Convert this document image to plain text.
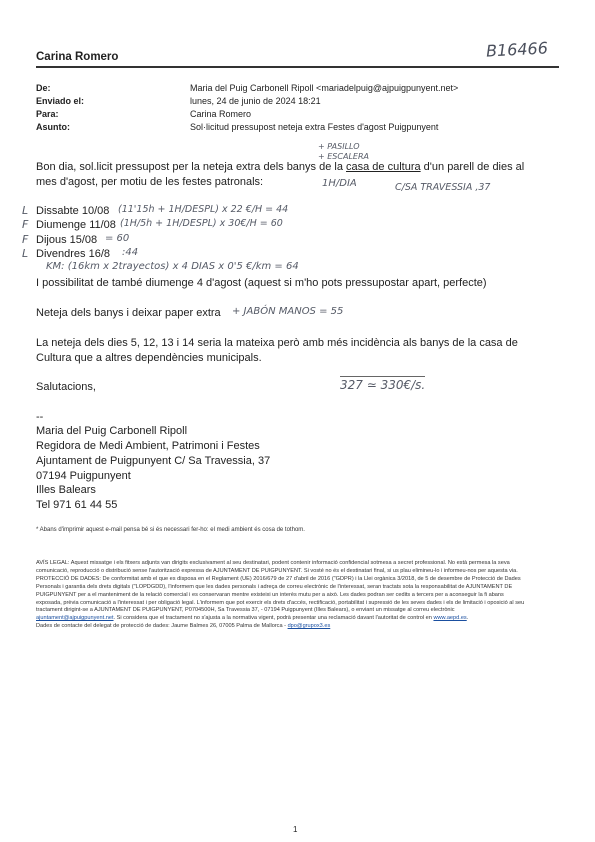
Carina Romero	B16466
De:	Maria del Puig Carbonell Ripoll <mariadelpuig@ajpuigpunyent.net>
Enviado el:	lunes, 24 de junio de 2024 18:21
Para:	Carina Romero
Asunto:	Sol·licitud pressupost neteja extra Festes d'agost Puigpunyent
+ PASILLO
+ ESCALERA
Bon dia, sol.licit pressupost per la neteja extra dels banys de la casa de cultura d'un parell de dies al
mes d'agost, per motiu de les festes patronals:	1H/DIA	C/SA TRAVESSIA ,37
L Dissabte 10/08 (11'15h + 1H/DESPL) x 22 €/H = 44
F Diumenge 11/08 (1H/5h + 1H/DESPL) x 30€/H = 60
F Dijous 15/08 = 60
L Divendres 16/8 :44
KM: (16km x 2trayectos) x 4 DIAS x 0'5 €/km = 64
I possibilitat de també diumenge 4 d'agost (aquest si m'ho pots pressupostar apart, perfecte)
Neteja dels banys i deixar paper extra + JABÓN MANOS = 55
La neteja dels dies 5, 12, 13 i 14 seria la mateixa però amb més incidència als banys de la casa de
Cultura que a altres dependències municipals.
Salutacions,	327 ≃ 330€/s.
--
Maria del Puig Carbonell Ripoll
Regidora de Medi Ambient, Patrimoni i Festes
Ajuntament de Puigpunyent C/ Sa Travessia, 37
07194 Puigpunyent
Illes Balears
Tel 971 61 44 55
* Abans d'imprimir aquest e-mail pensa bé si és necessari fer-ho: el medi ambient és cosa de tothom.
AVÍS LEGAL: Aquest missatge i els fitxers adjunts van dirigits exclusivament al seu destinatari, podent contenir informació confidencial sotmesa a secret professional. No està permesa la seva comunicació, reproducció o distribució sense l'autorització expressa de AJUNTAMENT DE PUIGPUNYENT. Si vosté no és el destinatari final, si us plau elimineu-lo i informeu-nos per aquesta via.
PROTECCIÓ DE DADES: De conformitat amb el que es disposa en el Reglament (UE) 2016/679 de 27 d'abril de 2016 ("GDPR) i la Llei orgànica 3/2018, de 5 de desembre de Protecció de Dades Personals i garantia dels drets digitals ("LOPDGDD), l'informem que les dades personals i adreça de correu electrònic de l'interessat, seran tractats sota la responsabilitat de AJUNTAMENT DE PUIGPUNYENT per a el manteniment de la relació comercial i es conservaran mentre existeixi un interès mutu per a això. Les dades podran ser cedits a tercers per a aconseguir la fi abans exposada, prèvia comunicació a l'interessat i per obligació legal. L'informem que pot exercir els drets d'accés, rectificació, portabilitat i supressió de les seves dades i els de limitació i oposició al seu tractament dirigint-se a AJUNTAMENT DE PUIGPUNYENT, P0704500H, Sa Travessia 37, - 07194 Puigpunyent (Illes Balears), o enviant un missatge al correu electrònic ajuntament@ajpuigpunyent.net. Si considera que el tractament no s'ajusta a la normativa vigent, podrà presentar una reclamació davant l'autoritat de control en www.aepd.es.
Dades de contacte del delegat de protecció de dades: Jaume Balmes 26, 07005 Palma de Mallorca - dpo@grupox3.es
1
